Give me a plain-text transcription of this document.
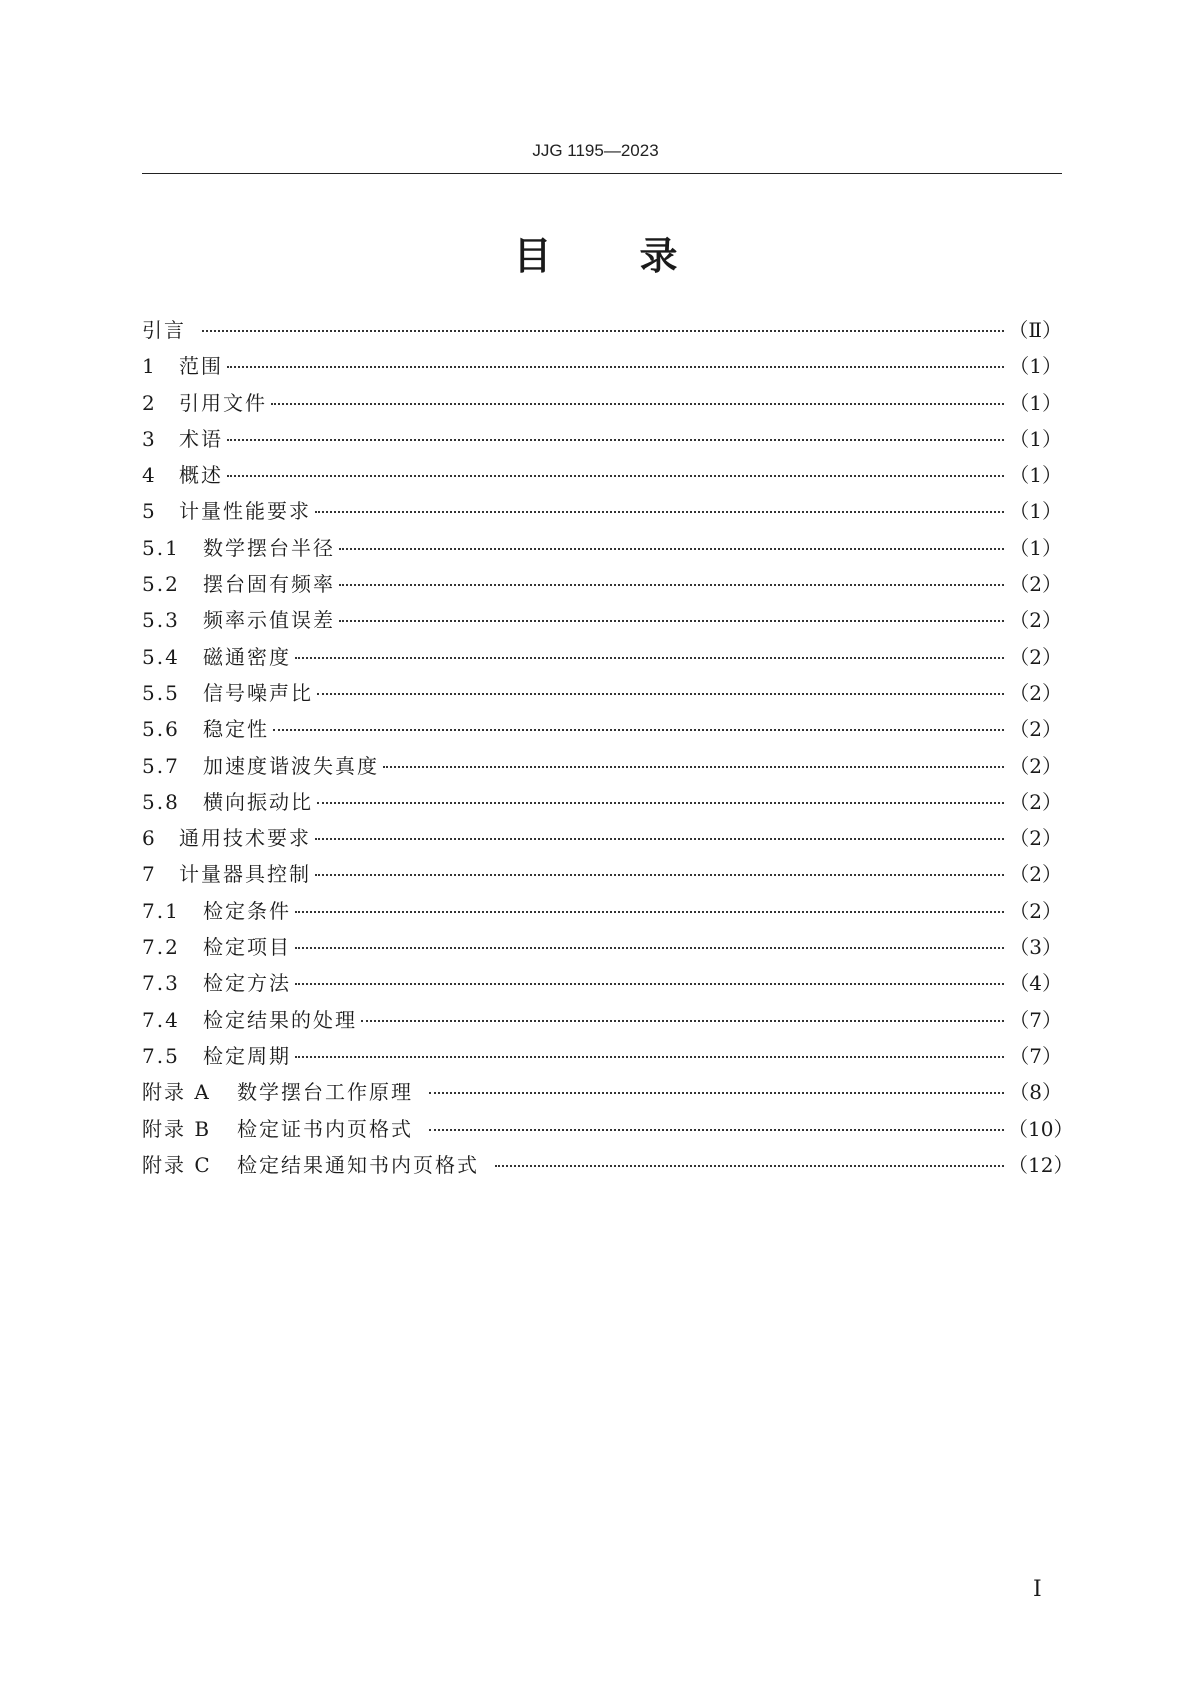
JJG 1195—2023
目录
引言	（Ⅱ）
1	范围	（1）
2	引用文件	（1）
3	术语	（1）
4	概述	（1）
5	计量性能要求	（1）
5.1	数学摆台半径	（1）
5.2	摆台固有频率	（2）
5.3	频率示值误差	（2）
5.4	磁通密度	（2）
5.5	信号噪声比	（2）
5.6	稳定性	（2）
5.7	加速度谐波失真度	（2）
5.8	横向振动比	（2）
6	通用技术要求	（2）
7	计量器具控制	（2）
7.1	检定条件	（2）
7.2	检定项目	（3）
7.3	检定方法	（4）
7.4	检定结果的处理	（7）
7.5	检定周期	（7）
附录 A	数学摆台工作原理	（8）
附录 B	检定证书内页格式	（10）
附录 C	检定结果通知书内页格式	（12）
Ⅰ
